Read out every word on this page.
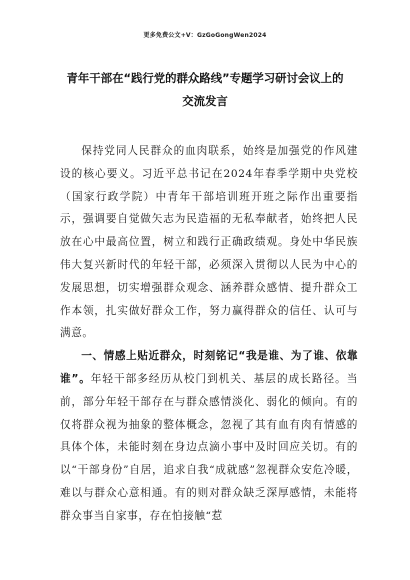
更多免费公文+V：GzGoGongWen2024
青年干部在“践行党的群众路线”专题学习研讨会议上的
交流发言

保持党同人民群众的血肉联系，始终是加强党的作风建设的核心要义。习近平总书记在2024年春季学期中央党校（国家行政学院）中青年干部培训班开班之际作出重要指示，强调要自觉做矢志为民造福的无私奉献者，始终把人民放在心中最高位置，树立和践行正确政绩观。身处中华民族伟大复兴新时代的年轻干部，必须深入贯彻以人民为中心的发展思想，切实增强群众观念、涵养群众感情、提升群众工作本领，扎实做好群众工作，努力赢得群众的信任、认可与满意。

一、情感上贴近群众，时刻铭记“我是谁、为了谁、依靠谁”。年轻干部多经历从校门到机关、基层的成长路径。当前，部分年轻干部存在与群众感情淡化、弱化的倾向。有的仅将群众视为抽象的整体概念，忽视了其有血有肉有情感的具体个体，未能时刻在身边点滴小事中及时回应关切。有的以“干部身份”自居，追求自我“成就感”忽视群众安危冷暖，难以与群众心意相通。有的则对群众缺乏深厚感情，未能将群众事当自家事，存在怕接触“惹
